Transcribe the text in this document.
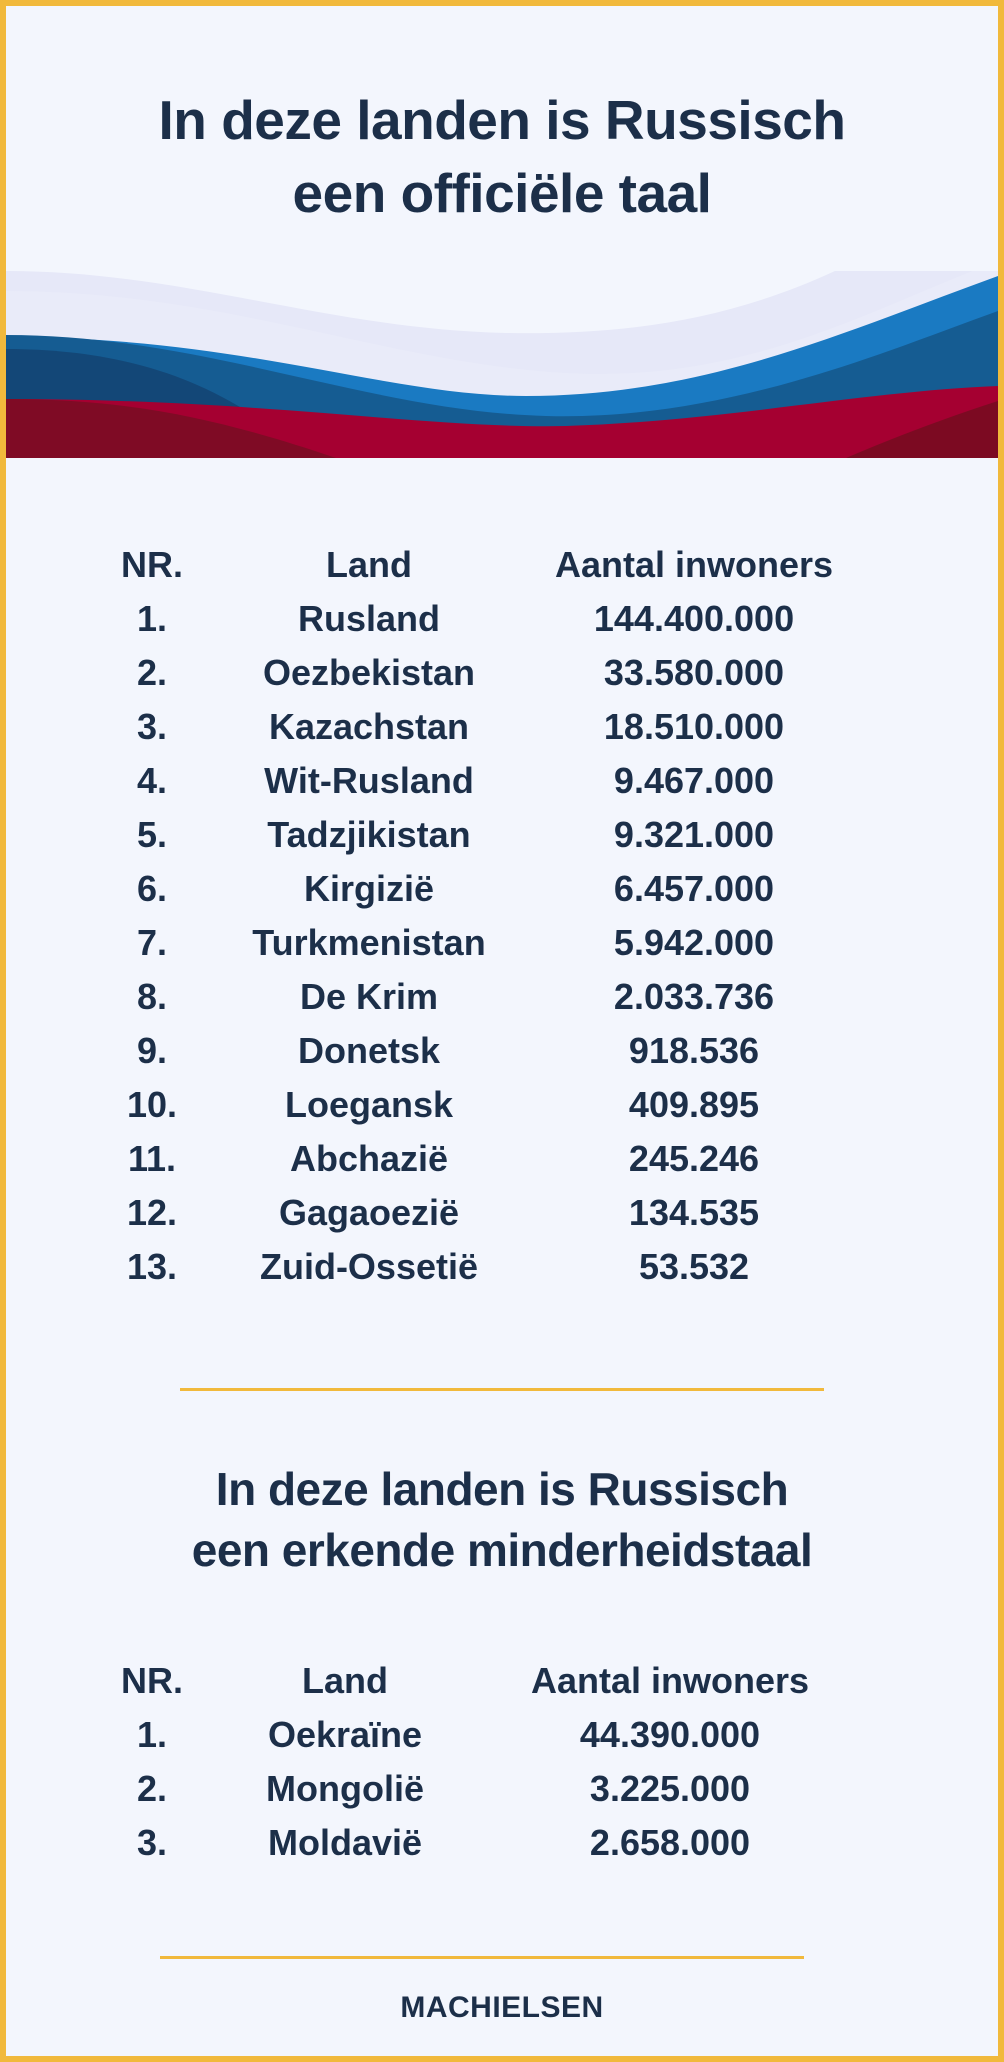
In deze landen is Russisch
een officiële taal
NR.	Land	Aantal inwoners
1.	Rusland	144.400.000
2.	Oezbekistan	33.580.000
3.	Kazachstan	18.510.000
4.	Wit-Rusland	9.467.000
5.	Tadzjikistan	9.321.000
6.	Kirgizië	6.457.000
7.	Turkmenistan	5.942.000
8.	De Krim	2.033.736
9.	Donetsk	918.536
10.	Loegansk	409.895
11.	Abchazië	245.246
12.	Gagaoezië	134.535
13.	Zuid-Ossetië	53.532
In deze landen is Russisch
een erkende minderheidstaal
NR.	Land	Aantal inwoners
1.	Oekraïne	44.390.000
2.	Mongolië	3.225.000
3.	Moldavië	2.658.000
MACHIELSEN
